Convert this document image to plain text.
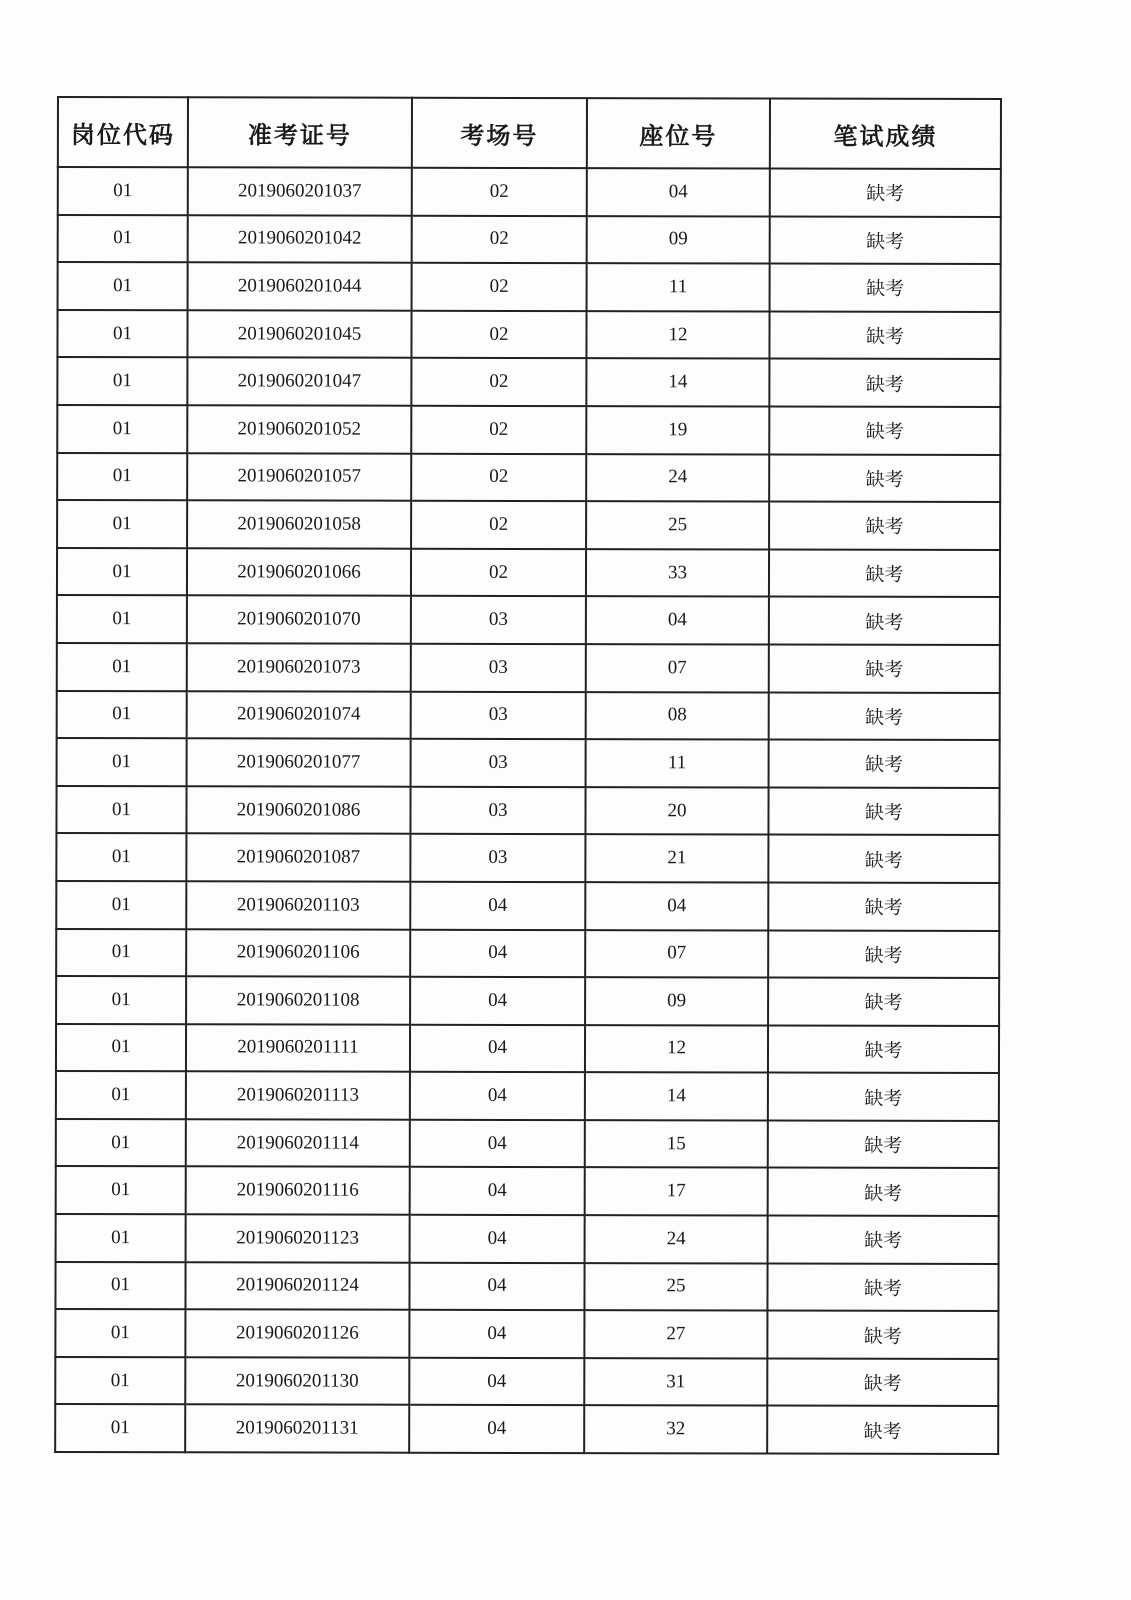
岗位代码	准考证号	考场号	座位号	笔试成绩
01	2019060201037	02	04	缺考
01	2019060201042	02	09	缺考
01	2019060201044	02	11	缺考
01	2019060201045	02	12	缺考
01	2019060201047	02	14	缺考
01	2019060201052	02	19	缺考
01	2019060201057	02	24	缺考
01	2019060201058	02	25	缺考
01	2019060201066	02	33	缺考
01	2019060201070	03	04	缺考
01	2019060201073	03	07	缺考
01	2019060201074	03	08	缺考
01	2019060201077	03	11	缺考
01	2019060201086	03	20	缺考
01	2019060201087	03	21	缺考
01	2019060201103	04	04	缺考
01	2019060201106	04	07	缺考
01	2019060201108	04	09	缺考
01	2019060201111	04	12	缺考
01	2019060201113	04	14	缺考
01	2019060201114	04	15	缺考
01	2019060201116	04	17	缺考
01	2019060201123	04	24	缺考
01	2019060201124	04	25	缺考
01	2019060201126	04	27	缺考
01	2019060201130	04	31	缺考
01	2019060201131	04	32	缺考
